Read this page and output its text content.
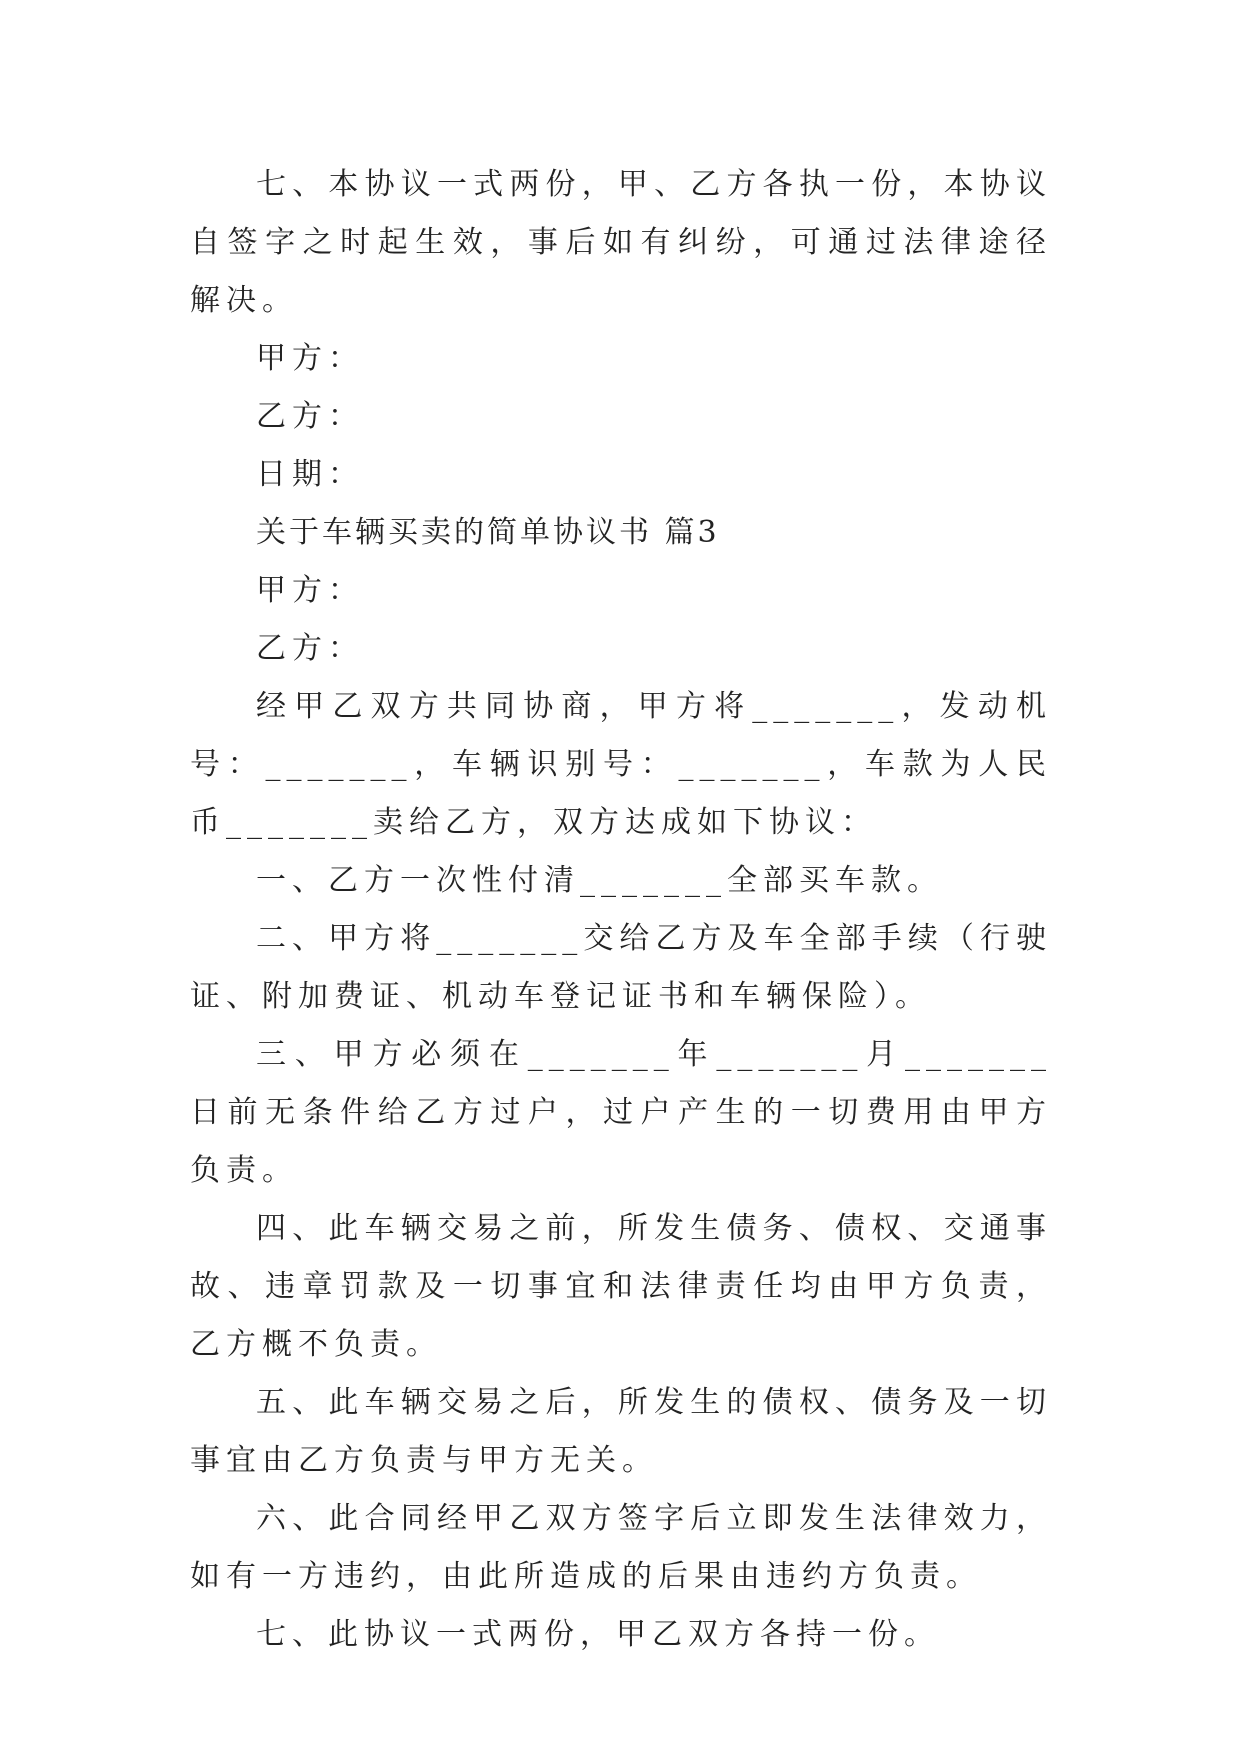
七、本协议一式两份，甲、乙方各执一份，本协议自签字之时起生效，事后如有纠纷，可通过法律途径解决。

甲方：

乙方：

日期：

关于车辆买卖的简单协议书 篇3

甲方：

乙方：

经甲乙双方共同协商，甲方将_______，发动机号：_______，车辆识别号：_______，车款为人民币_______卖给乙方，双方达成如下协议：

一、乙方一次性付清_______全部买车款。

二、甲方将_______交给乙方及车全部手续（行驶证、附加费证、机动车登记证书和车辆保险）。

三、甲方必须在_______年_______月_______日前无条件给乙方过户，过户产生的一切费用由甲方负责。

四、此车辆交易之前，所发生债务、债权、交通事故、违章罚款及一切事宜和法律责任均由甲方负责，乙方概不负责。

五、此车辆交易之后，所发生的债权、债务及一切事宜由乙方负责与甲方无关。

六、此合同经甲乙双方签字后立即发生法律效力，如有一方违约，由此所造成的后果由违约方负责。

七、此协议一式两份，甲乙双方各持一份。
